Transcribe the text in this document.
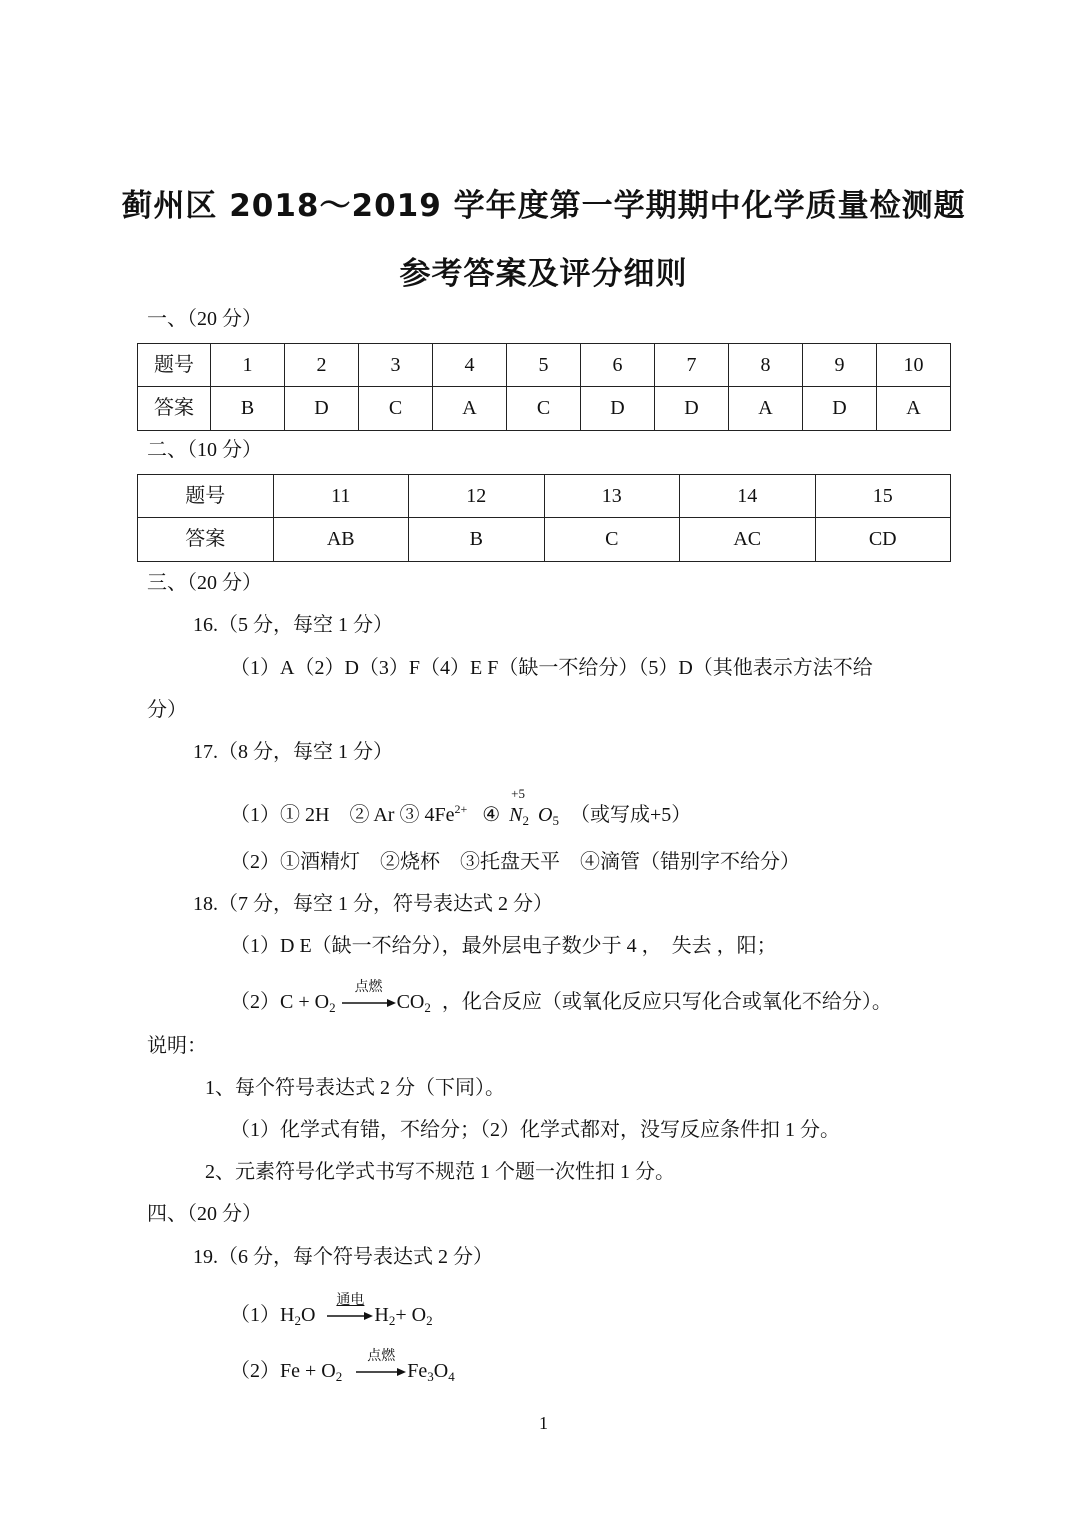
蓟州区 2018～2019 学年度第一学期期中化学质量检测题
参考答案及评分细则
一、（20 分）
题号	1	2	3	4	5	6	7	8	9	10
答案	B	D	C	A	C	D	D	A	D	A
二、（10 分）
题号	11	12	13	14	15
答案	AB	B	C	AC	CD
三、（20 分）
16.（5 分，每空 1 分）
（1）A（2）D（3）F（4）E F（缺一不给分）（5）D（其他表示方法不给
分）
17.（8 分，每空 1 分）
（1）① 2H　② Ar ③ $4Fe^{2+}$ ④
+5
$N_2$ $O_5$ （或写成+5）
（2）①酒精灯　②烧杯　③托盘天平　④滴管（错别字不给分）
18.（7 分，每空 1 分，符号表达式 2 分）
（1）D E（缺一不给分），最外层电子数少于 4 ，　失去 ，阳；
$(2)C + O_2$
点燃
$CO_2$ ，化合反应（或氧化反应只写化合或氧化不给分）。
说明：
1、每个符号表达式 2 分（下同）。
（1）化学式有错，不给分；（2）化学式都对，没写反应条件扣 1 分。
2、元素符号化学式书写不规范 1 个题一次性扣 1 分。
四、（20 分）
19.（6 分，每个符号表达式 2 分）
$(1)H_2O$
通电
$H_2+ O_2$
$(2)Fe + O_2$
点燃
$Fe_3O_4$
1
